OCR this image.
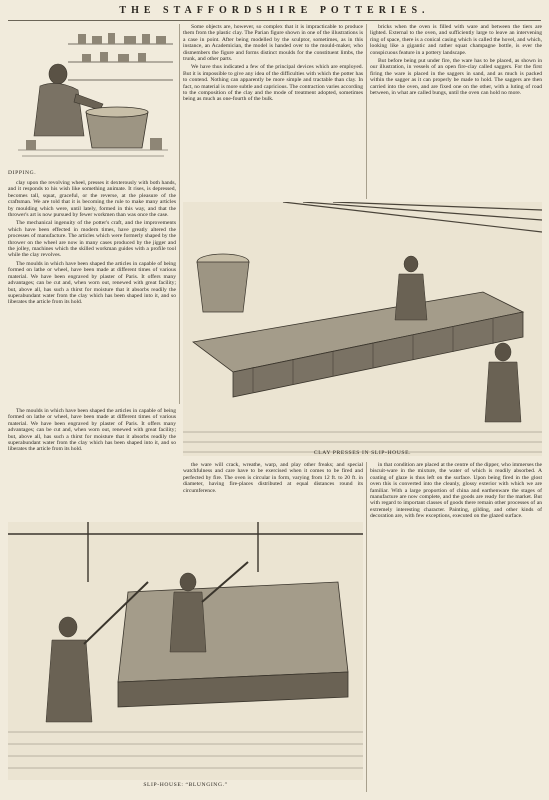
THE STAFFORDSHIRE POTTERIES.
DIPPING.

clay upon the revolving wheel, presses it dexterously with both hands, and it responds to his wish like something animate. It rises, is depressed, becomes tall, squat, graceful, or the reverse, at the pleasure of the craftsman. We are told that it is becoming the rule to make many articles by moulding which were, until lately, formed in this way, and that the thrower's art is now pursued by fewer workmen than was once the case.

The mechanical ingenuity of the potter's craft, and the improvements which have been effected in modern times, have greatly altered the processes of manufacture. The articles which were formerly shaped by the thrower on the wheel are now in many cases produced by the jigger and the jolley, machines which the skilled workman guides with a profile tool while the clay revolves.

The moulds in which have been shaped the articles in capable of being formed on lathe or wheel, have been made at different times of various material. We have been engraved by plaster of Paris. It offers many advantages; can be cut and, when worn out, renewed with great facility; but, above all, has such a thirst for moisture that it absorbs readily the superabundant water from the clay which has been shaped into it, and so liberates the article from its hold.

Some objects are, however, so complex that it is impracticable to produce them from the plastic clay. The Parian figure shown in one of the illustrations is a case in point. After being modelled by the sculptor, sometimes, as in this instance, an Academician, the model is handed over to the mould-maker, who dismembers the figure and forms distinct moulds for the constituent limbs, the trunk, and other parts.

We have thus indicated a few of the principal devices which are employed. But it is impossible to give any idea of the difficulties with which the potter has to contend. Nothing can apparently be more simple and tractable than clay. In fact, no material is more subtle and capricious. The contraction varies according to the composition of the clay and the mode of treatment adopted, sometimes being as much as one-fourth of the bulk.

bricks when the oven is filled with ware and between the tiers are lighted. External to the oven, and sufficiently large to leave an intervening ring of space, there is a conical casing which is called the hovel, and which, looking like a gigantic and rather squat champagne bottle, is ever the conspicuous feature in a pottery landscape.

But before being put under fire, the ware has to be placed, as shown in our illustration, in vessels of an open fire-clay called saggers. For the first firing the ware is placed in the saggers in sand, and as much is packed within the sagger as it can properly be made to hold. The saggers are then carried into the oven, and are fixed one on the other, with a luting of road between, in what are called bungs, until the oven can hold no more.

CLAY PRESSES IN SLIP-HOUSE.

the ware will crack, wreathe, warp, and play other freaks; and special watchfulness and care have to be exercised when it comes to be fired and perfected by fire. The oven is circular in form, varying from 12 ft. to 20 ft. in diameter, having fire-places distributed at equal distances round its circumference.

The moulds in which have been shaped the articles in capable of being formed on lathe or wheel, have been made at different times of various material. We have been engraved by plaster of Paris. It offers many advantages; can be cut and, when worn out, renewed with great facility; but, above all, has such a thirst for moisture that it absorbs readily the superabundant water from the clay which has been shaped into it, and so liberates the article from its hold.

SLIP-HOUSE: “BLUNGING.”

in that condition are placed at the centre of the dipper, who immerses the biscuit-ware in the mixture, the water of which is readily absorbed. A coating of glaze is thus left on the surface. Upon being fired in the glost oven this is converted into the cleanly, glossy exterior with which we are familiar. With a large proportion of china and earthenware the stages of manufacture are now complete, and the goods are ready for the market. But with regard to important classes of goods there remain other processes of an extremely interesting character. Painting, gilding, and other kinds of decoration are, with few exceptions, executed on the glazed surface.
